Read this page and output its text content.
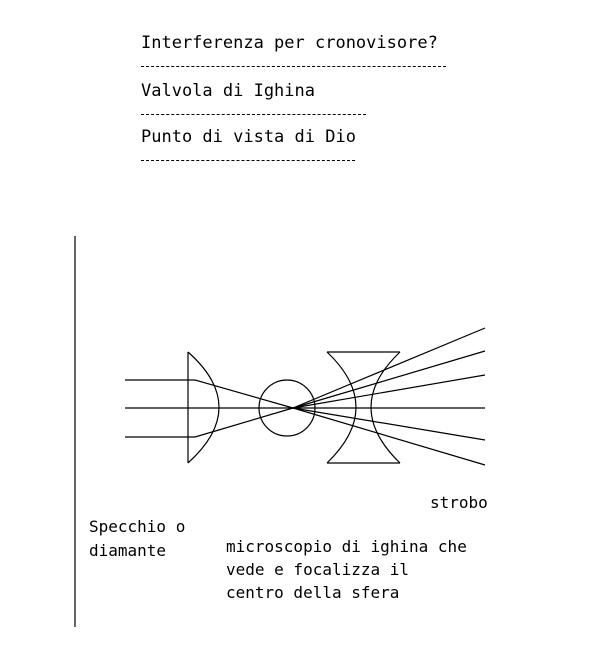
Interferenza per cronovisore?
Valvola di Ighina
Punto di vista di Dio
strobo
Specchio o
diamante	microscopio di ighina che
vede e focalizza il
centro della sfera
